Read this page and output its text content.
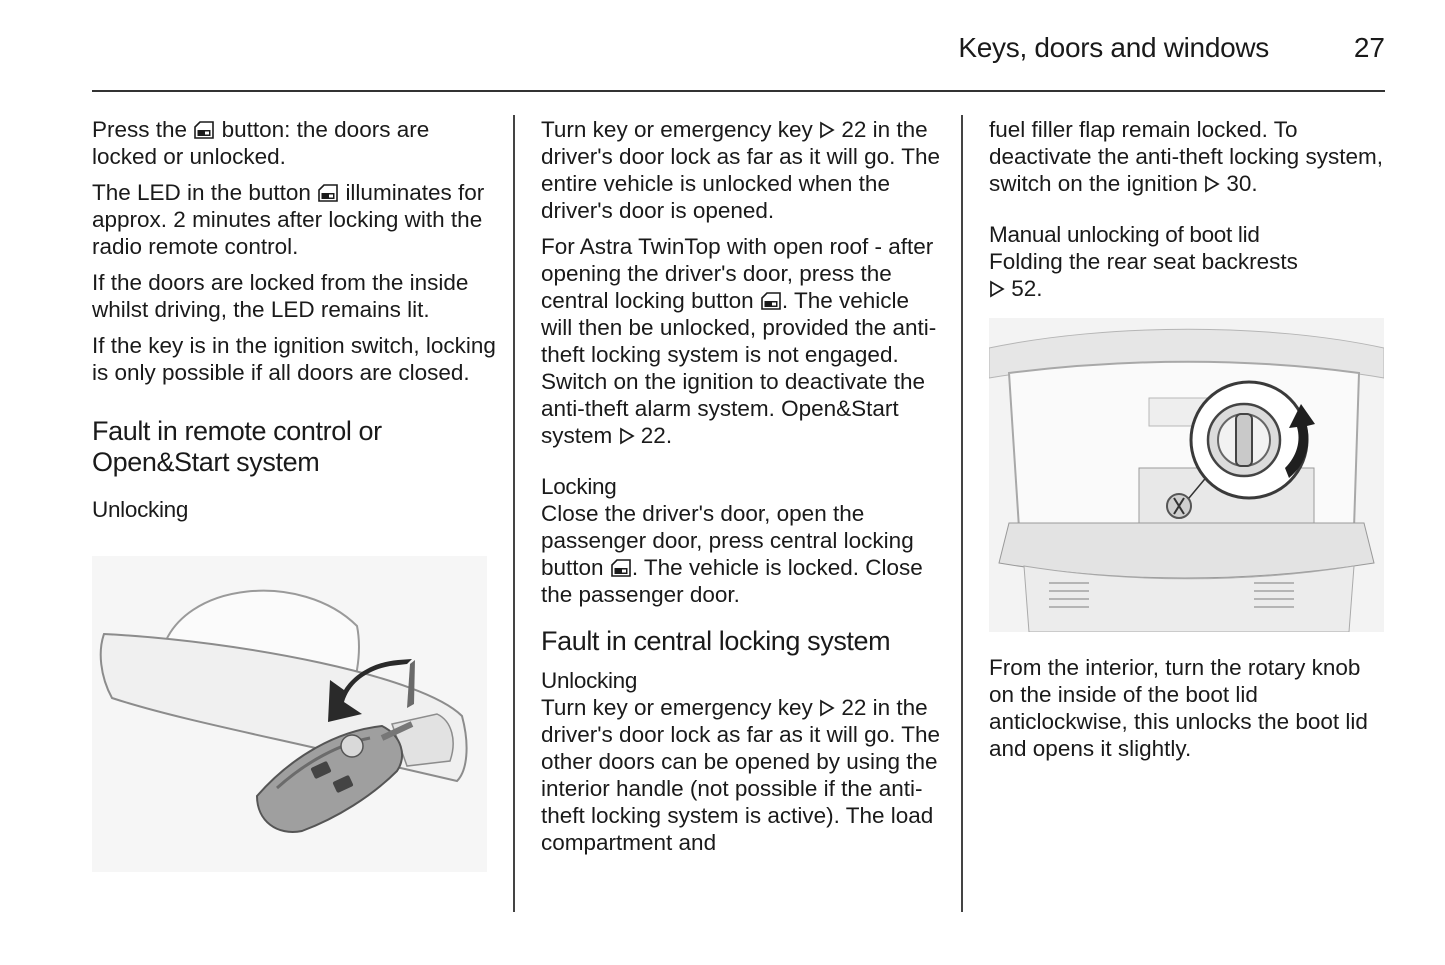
Keys, doors and windows	27

Press the button: the doors are locked or unlocked.

The LED in the button illuminates for approx. 2 minutes after locking with the radio remote control.

If the doors are locked from the inside whilst driving, the LED remains lit.

If the key is in the ignition switch, locking is only possible if all doors are closed.

Fault in remote control or Open&Start system
Unlocking

Turn key or emergency key 22 in the driver's door lock as far as it will go. The entire vehicle is unlocked when the driver's door is opened.

For Astra TwinTop with open roof - after opening the driver's door, press the central locking button . The vehicle will then be unlocked, provided the anti-theft locking system is not engaged. Switch on the ignition to deactivate the anti-theft alarm system. Open&Start system 22.

Locking

Close the driver's door, open the passenger door, press central locking button . The vehicle is locked. Close the passenger door.

Fault in central locking system
Unlocking

Turn key or emergency key 22 in the driver's door lock as far as it will go. The other doors can be opened by using the interior handle (not possible if the anti-theft locking system is active). The load compartment and

fuel filler flap remain locked. To deactivate the anti-theft locking system, switch on the ignition 30.

Manual unlocking of boot lid

Folding the rear seat backrests
52.

From the interior, turn the rotary knob on the inside of the boot lid anticlockwise, this unlocks the boot lid and opens it slightly.
